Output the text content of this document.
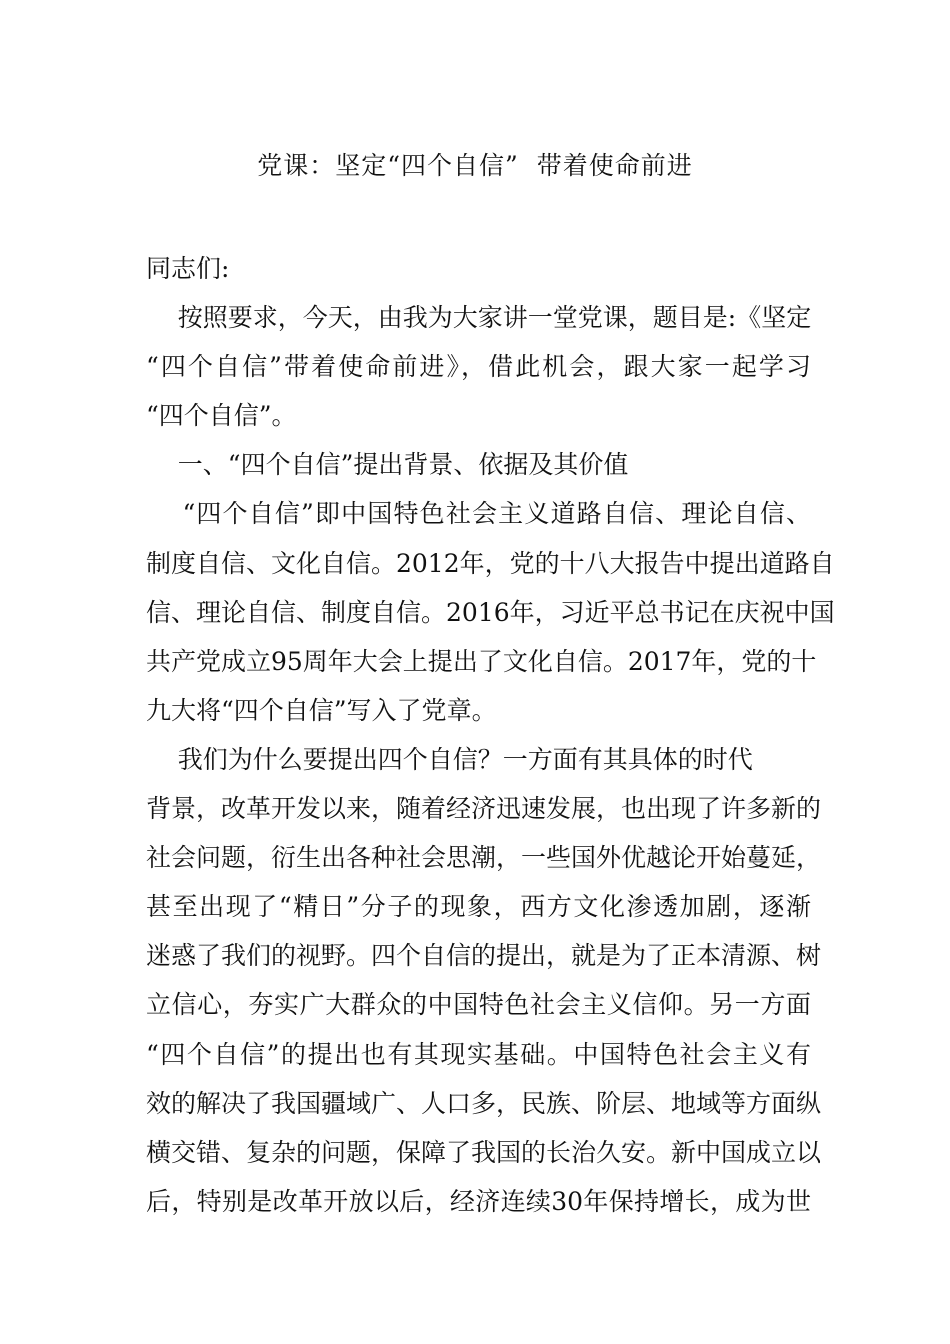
党课：坚定“四个自信”  带着使命前进
同志们:
按照要求，今天，由我为大家讲一堂党课，题目是:《坚定
“四个自信”带着使命前进》，借此机会，跟大家一起学习
“四个自信”。
一、“四个自信”提出背景、依据及其价值
“四个自信”即中国特色社会主义道路自信、理论自信、
制度自信、文化自信。2012年，党的十八大报告中提出道路自
信、理论自信、制度自信。2016年，习近平总书记在庆祝中国
共产党成立95周年大会上提出了文化自信。2017年，党的十
九大将“四个自信”写入了党章。
我们为什么要提出四个自信？一方面有其具体的时代
背景，改革开发以来，随着经济迅速发展，也出现了许多新的
社会问题，衍生出各种社会思潮，一些国外优越论开始蔓延，
甚至出现了“精日”分子的现象，西方文化渗透加剧，逐渐
迷惑了我们的视野。四个自信的提出，就是为了正本清源、树
立信心，夯实广大群众的中国特色社会主义信仰。另一方面
“四个自信”的提出也有其现实基础。中国特色社会主义有
效的解决了我国疆域广、人口多，民族、阶层、地域等方面纵
横交错、复杂的问题，保障了我国的长治久安。新中国成立以
后，特别是改革开放以后，经济连续30年保持增长，成为世
